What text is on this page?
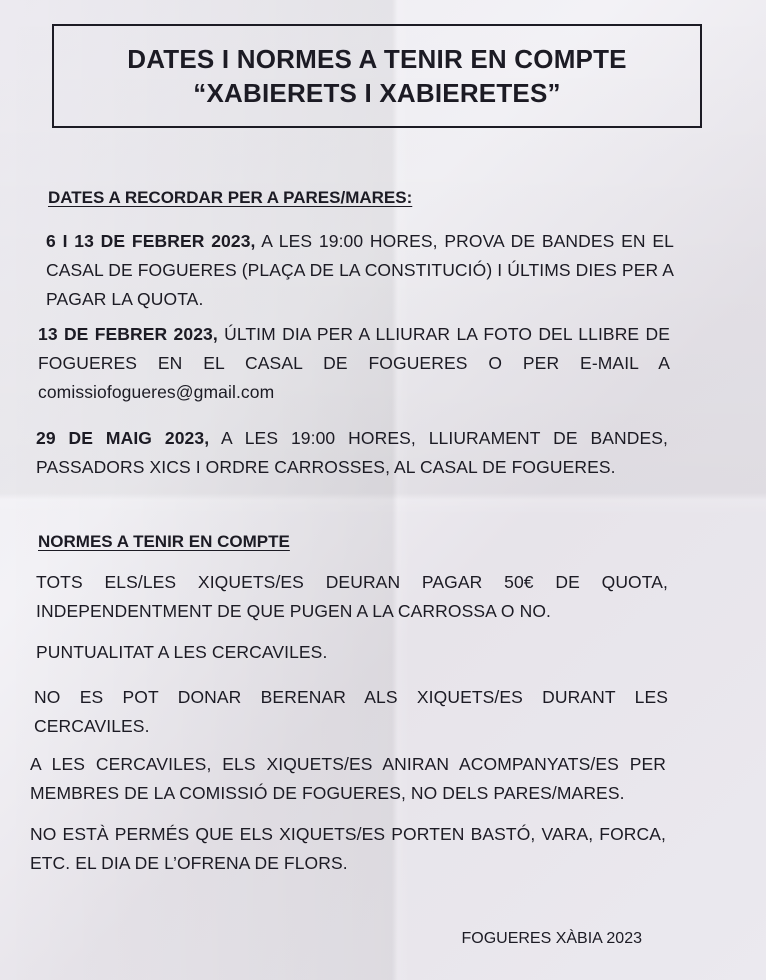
DATES I NORMES A TENIR EN COMPTE
“XABIERETS I XABIERETES”
DATES A RECORDAR PER A PARES/MARES:
6 I 13 DE FEBRER 2023, A LES 19:00 HORES, PROVA DE BANDES EN EL CASAL DE FOGUERES (PLAÇA DE LA CONSTITUCIÓ) I ÚLTIMS DIES PER A PAGAR LA QUOTA.
13 DE FEBRER 2023, ÚLTIM DIA PER A LLIURAR LA FOTO DEL LLIBRE DE FOGUERES EN EL CASAL DE FOGUERES O PER E-MAIL A comissiofogueres@gmail.com
29 DE MAIG 2023, A LES 19:00 HORES, LLIURAMENT DE BANDES, PASSADORS XICS I ORDRE CARROSSES, AL CASAL DE FOGUERES.
NORMES A TENIR EN COMPTE
TOTS ELS/LES XIQUETS/ES DEURAN PAGAR 50€ DE QUOTA, INDEPENDENTMENT DE QUE PUGEN A LA CARROSSA O NO.
PUNTUALITAT A LES CERCAVILES.
NO ES POT DONAR BERENAR ALS XIQUETS/ES DURANT LES CERCAVILES.
A LES CERCAVILES, ELS XIQUETS/ES ANIRAN ACOMPANYATS/ES PER MEMBRES DE LA COMISSIÓ DE FOGUERES, NO DELS PARES/MARES.
NO ESTÀ PERMÉS QUE ELS XIQUETS/ES PORTEN BASTÓ, VARA, FORCA, ETC. EL DIA DE L’OFRENA DE FLORS.
FOGUERES XÀBIA 2023
